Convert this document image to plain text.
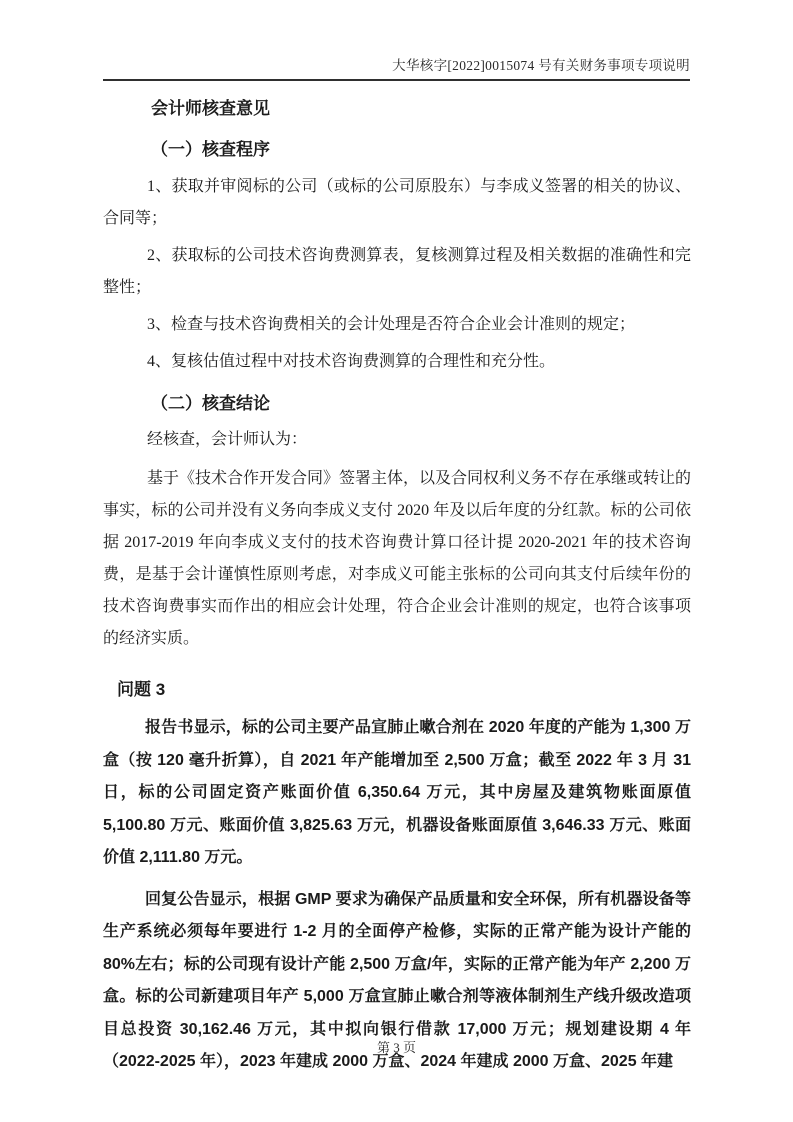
大华核字[2022]0015074 号有关财务事项专项说明
会计师核查意见
（一）核查程序

1、获取并审阅标的公司（或标的公司原股东）与李成义签署的相关的协议、合同等；

2、获取标的公司技术咨询费测算表，复核测算过程及相关数据的准确性和完整性；

3、检查与技术咨询费相关的会计处理是否符合企业会计准则的规定；

4、复核估值过程中对技术咨询费测算的合理性和充分性。

（二）核查结论

经核查，会计师认为：

基于《技术合作开发合同》签署主体，以及合同权利义务不存在承继或转让的事实，标的公司并没有义务向李成义支付 2020 年及以后年度的分红款。标的公司依据 2017-2019 年向李成义支付的技术咨询费计算口径计提 2020-2021 年的技术咨询费，是基于会计谨慎性原则考虑，对李成义可能主张标的公司向其支付后续年份的技术咨询费事实而作出的相应会计处理，符合企业会计准则的规定，也符合该事项的经济实质。

问题 3

报告书显示，标的公司主要产品宣肺止嗽合剂在 2020 年度的产能为 1,300 万盒（按 120 毫升折算），自 2021 年产能增加至 2,500 万盒；截至 2022 年 3 月 31 日，标的公司固定资产账面价值 6,350.64 万元，其中房屋及建筑物账面原值 5,100.80 万元、账面价值 3,825.63 万元，机器设备账面原值 3,646.33 万元、账面价值 2,111.80 万元。

回复公告显示，根据 GMP 要求为确保产品质量和安全环保，所有机器设备等生产系统必须每年要进行 1-2 月的全面停产检修，实际的正常产能为设计产能的 80%左右；标的公司现有设计产能 2,500 万盒/年，实际的正常产能为年产 2,200 万盒。标的公司新建项目年产 5,000 万盒宣肺止嗽合剂等液体制剂生产线升级改造项目总投资 30,162.46 万元，其中拟向银行借款 17,000 万元；规划建设期 4 年（2022-2025 年），2023 年建成 2000 万盒、2024 年建成 2000 万盒、2025 年建

第 3 页
